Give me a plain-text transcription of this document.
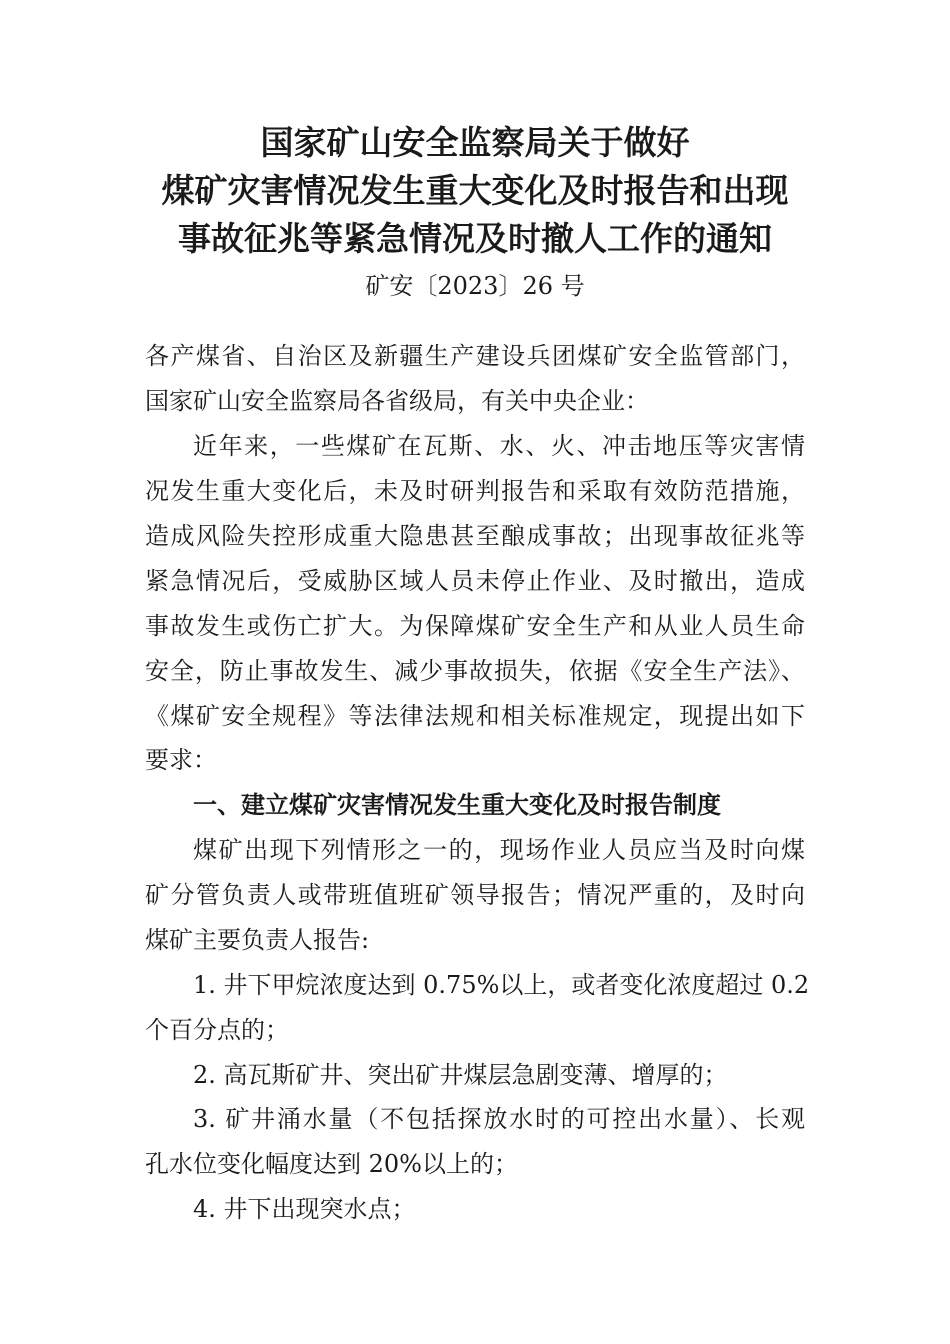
国家矿山安全监察局关于做好
煤矿灾害情况发生重大变化及时报告和出现
事故征兆等紧急情况及时撤人工作的通知
矿安〔2023〕26 号
各产煤省、自治区及新疆生产建设兵团煤矿安全监管部门，
国家矿山安全监察局各省级局，有关中央企业：
近年来，一些煤矿在瓦斯、水、火、冲击地压等灾害情
况发生重大变化后，未及时研判报告和采取有效防范措施，
造成风险失控形成重大隐患甚至酿成事故；出现事故征兆等
紧急情况后，受威胁区域人员未停止作业、及时撤出，造成
事故发生或伤亡扩大。为保障煤矿安全生产和从业人员生命
安全，防止事故发生、减少事故损失，依据《安全生产法》、
《煤矿安全规程》等法律法规和相关标准规定，现提出如下
要求：
一、建立煤矿灾害情况发生重大变化及时报告制度
煤矿出现下列情形之一的，现场作业人员应当及时向煤
矿分管负责人或带班值班矿领导报告；情况严重的，及时向
煤矿主要负责人报告:
1. 井下甲烷浓度达到 0.75%以上，或者变化浓度超过 0.2
个百分点的；
2. 高瓦斯矿井、突出矿井煤层急剧变薄、增厚的；
3. 矿井涌水量（不包括探放水时的可控出水量）、长观
孔水位变化幅度达到 20%以上的；
4. 井下出现突水点；
